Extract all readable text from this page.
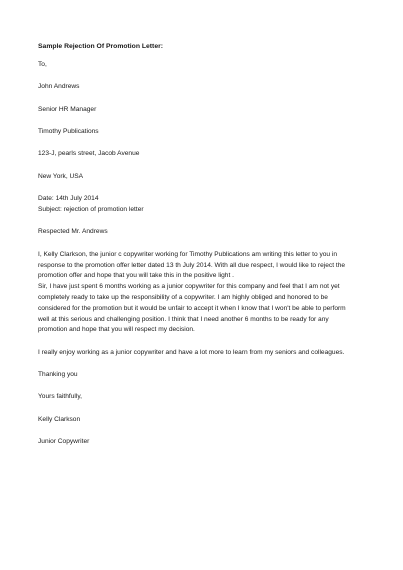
Sample Rejection Of Promotion Letter:
To,
John Andrews
Senior HR Manager
Timothy Publications
123-J, pearls street, Jacob Avenue
New York, USA
Date: 14th July 2014
Subject: rejection of promotion letter
Respected Mr. Andrews
I, Kelly Clarkson, the junior c copywriter working for Timothy Publications am writing this letter to you in
response to the promotion offer letter dated 13 th July 2014. With all due respect, I would like to reject the
promotion offer and hope that you will take this in the positive light .
Sir, I have just spent 6 months working as a junior copywriter for this company and feel that I am not yet
completely ready to take up the responsibility of a copywriter. I am highly obliged and honored to be
considered for the promotion but it would be unfair to accept it when I know that I won't be able to perform
well at this serious and challenging position. I think that I need another 6 months to be ready for any
promotion and hope that you will respect my decision.
I really enjoy working as a junior copywriter and have a lot more to learn from my seniors and colleagues.
Thanking you
Yours faithfully,
Kelly Clarkson
Junior Copywriter
